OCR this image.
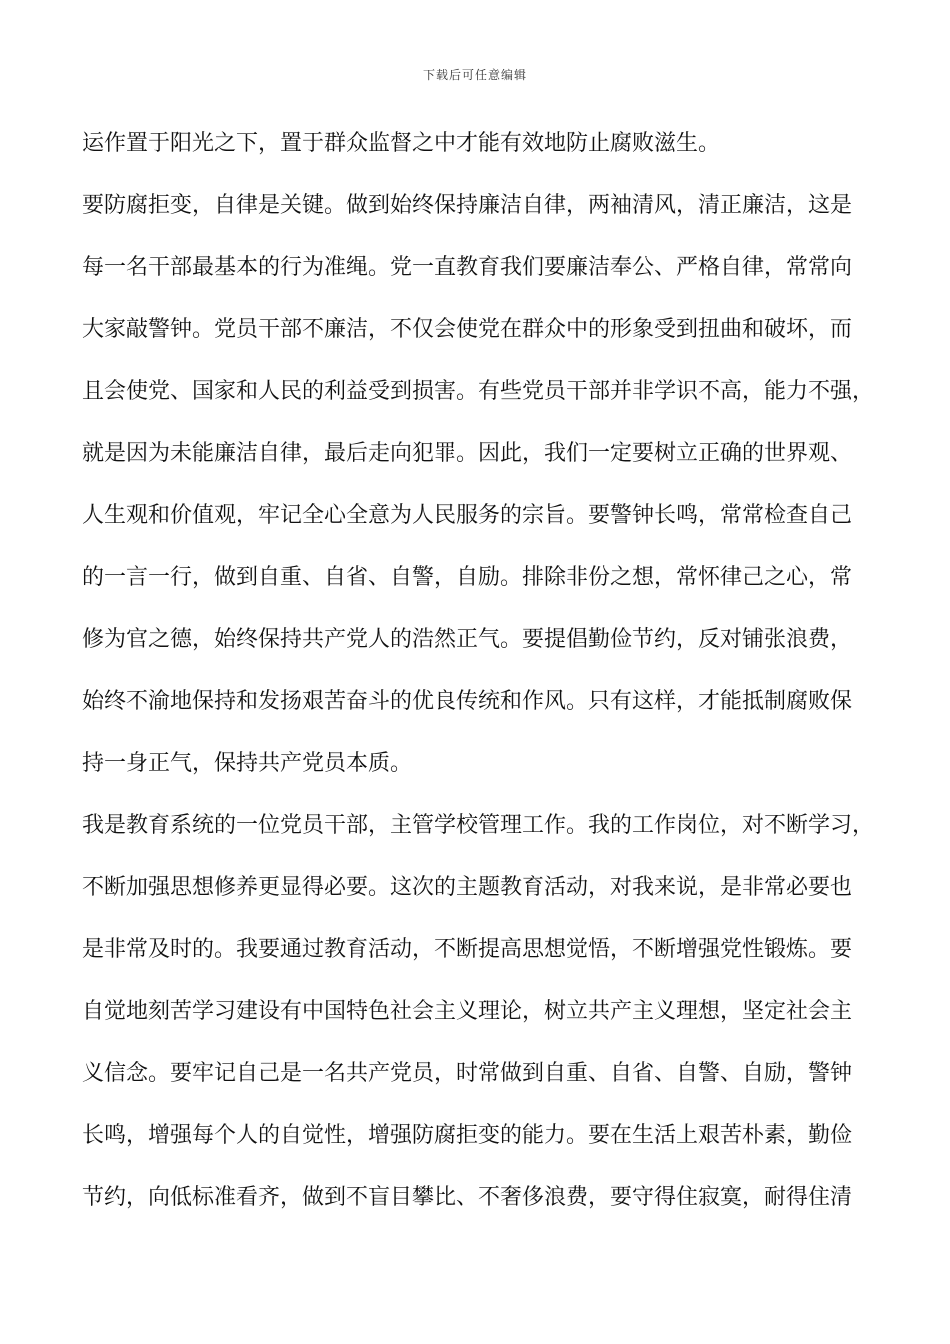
下载后可任意编辑
运作置于阳光之下，置于群众监督之中才能有效地防止腐败滋生。
要防腐拒变，自律是关键。做到始终保持廉洁自律，两袖清风，清正廉洁，这是
每一名干部最基本的行为准绳。党一直教育我们要廉洁奉公、严格自律，常常向
大家敲警钟。党员干部不廉洁，不仅会使党在群众中的形象受到扭曲和破坏，而
且会使党、国家和人民的利益受到损害。有些党员干部并非学识不高，能力不强，
就是因为未能廉洁自律，最后走向犯罪。因此，我们一定要树立正确的世界观、
人生观和价值观，牢记全心全意为人民服务的宗旨。要警钟长鸣，常常检查自己
的一言一行，做到自重、自省、自警，自励。排除非份之想，常怀律己之心，常
修为官之德，始终保持共产党人的浩然正气。要提倡勤俭节约，反对铺张浪费，
始终不渝地保持和发扬艰苦奋斗的优良传统和作风。只有这样，才能抵制腐败保
持一身正气，保持共产党员本质。
我是教育系统的一位党员干部，主管学校管理工作。我的工作岗位，对不断学习，
不断加强思想修养更显得必要。这次的主题教育活动，对我来说，是非常必要也
是非常及时的。我要通过教育活动，不断提高思想觉悟，不断增强党性锻炼。要
自觉地刻苦学习建设有中国特色社会主义理论，树立共产主义理想，坚定社会主
义信念。要牢记自己是一名共产党员，时常做到自重、自省、自警、自励，警钟
长鸣，增强每个人的自觉性，增强防腐拒变的能力。要在生活上艰苦朴素，勤俭
节约，向低标准看齐，做到不盲目攀比、不奢侈浪费，要守得住寂寞，耐得住清
